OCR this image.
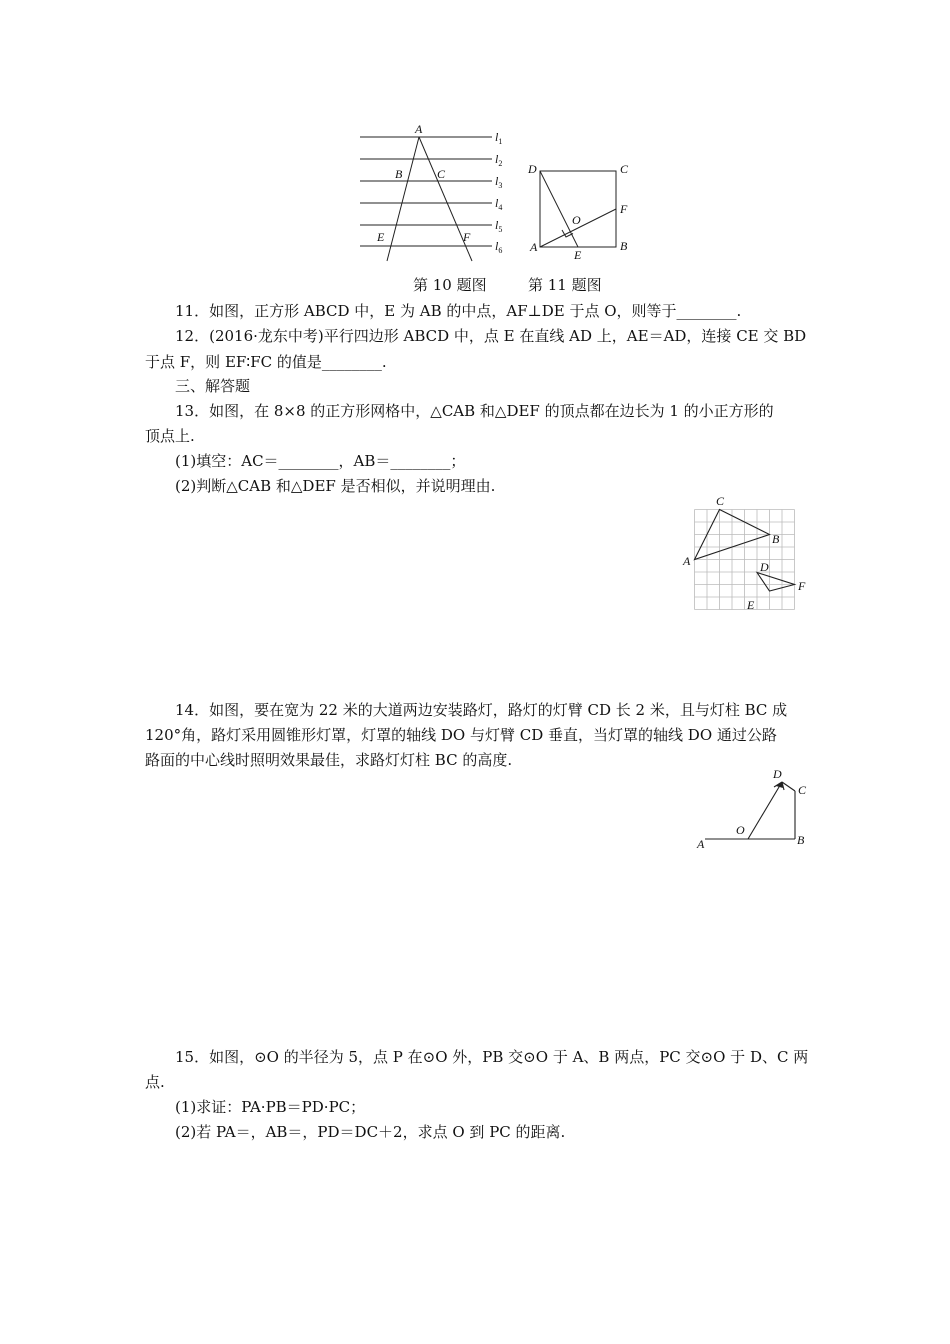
A
B	C
E	F
$l_1$
$l_2$
$l_3$
$l_4$
$l_5$
$l_6$
D	C
F
O
A	B
E
第 10 题图	第 11 题图
11．如图，正方形 ABCD 中，E 为 AB 的中点，AF⊥DE 于点 O，则等于________.
12．(2016·龙东中考)平行四边形 ABCD 中，点 E 在直线 AD 上，AE＝AD，连接 CE 交 BD
于点 F，则 EF∶FC 的值是________.
三、解答题
13．如图，在 8×8 的正方形网格中，△CAB 和△DEF 的顶点都在边长为 1 的小正方形的
顶点上.
(1)填空：AC＝________，AB＝________；
(2)判断△CAB 和△DEF 是否相似，并说明理由.
C
B
A	D
F
E
14．如图，要在宽为 22 米的大道两边安装路灯，路灯的灯臂 CD 长 2 米，且与灯柱 BC 成
120°角，路灯采用圆锥形灯罩，灯罩的轴线 DO 与灯臂 CD 垂直，当灯罩的轴线 DO 通过公路
路面的中心线时照明效果最佳，求路灯灯柱 BC 的高度.
D
C
O
A	B
15．如图，⊙O 的半径为 5，点 P 在⊙O 外，PB 交⊙O 于 A、B 两点，PC 交⊙O 于 D、C 两
点.
(1)求证：PA·PB＝PD·PC；
(2)若 PA＝，AB＝，PD＝DC＋2，求点 O 到 PC 的距离.
